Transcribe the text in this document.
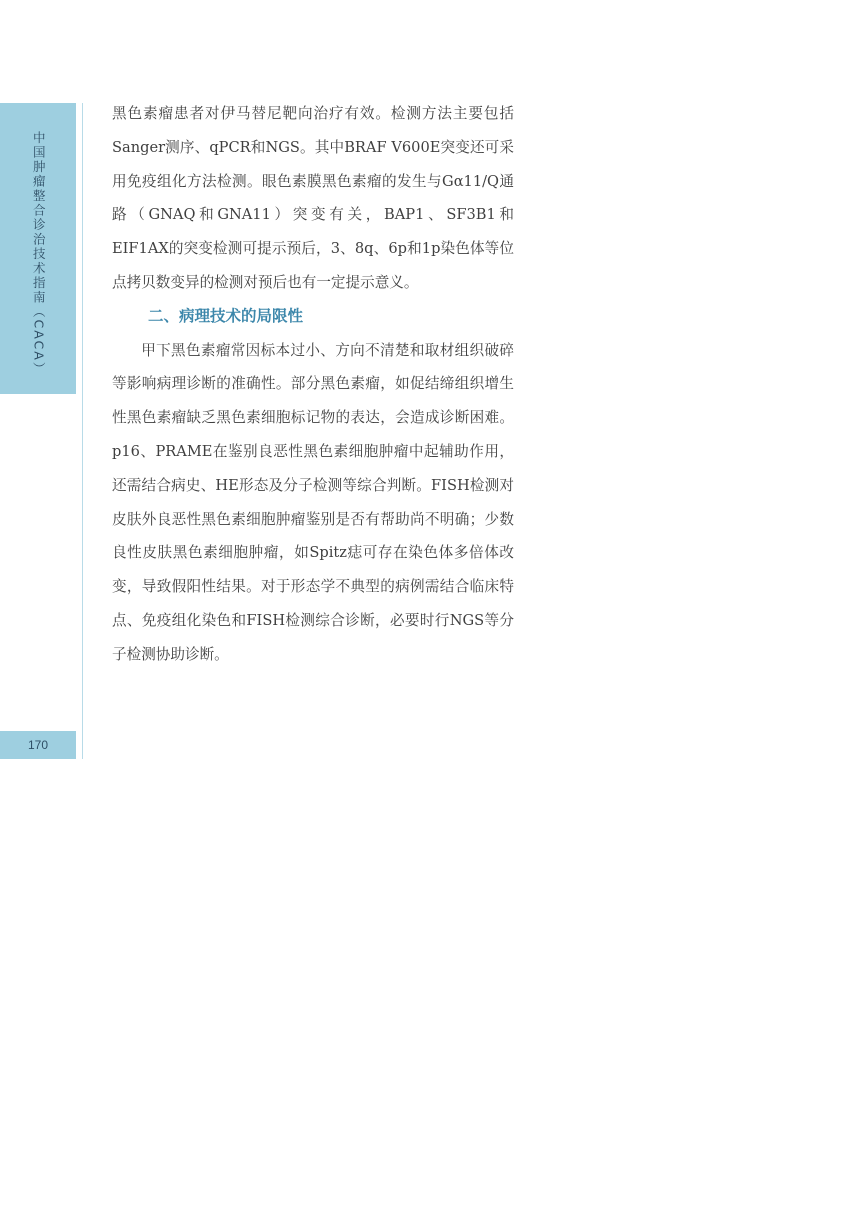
中国肿瘤整合诊治技术指南（CACA）
170

黑色素瘤患者对伊马替尼靶向治疗有效。检测方法主要包括Sanger测序、qPCR和NGS。其中BRAF V600E突变还可采用免疫组化方法检测。眼色素膜黑色素瘤的发生与Gα11/Q通路（GNAQ和GNA11）突变有关，BAP1、SF3B1和EIF1AX的突变检测可提示预后，3、8q、6p和1p染色体等位点拷贝数变异的检测对预后也有一定提示意义。

二、病理技术的局限性

甲下黑色素瘤常因标本过小、方向不清楚和取材组织破碎等影响病理诊断的准确性。部分黑色素瘤，如促结缔组织增生性黑色素瘤缺乏黑色素细胞标记物的表达，会造成诊断困难。p16、PRAME在鉴别良恶性黑色素细胞肿瘤中起辅助作用，还需结合病史、HE形态及分子检测等综合判断。FISH检测对皮肤外良恶性黑色素细胞肿瘤鉴别是否有帮助尚不明确；少数良性皮肤黑色素细胞肿瘤，如Spitz痣可存在染色体多倍体改变，导致假阳性结果。对于形态学不典型的病例需结合临床特点、免疫组化染色和FISH检测综合诊断，必要时行NGS等分子检测协助诊断。
